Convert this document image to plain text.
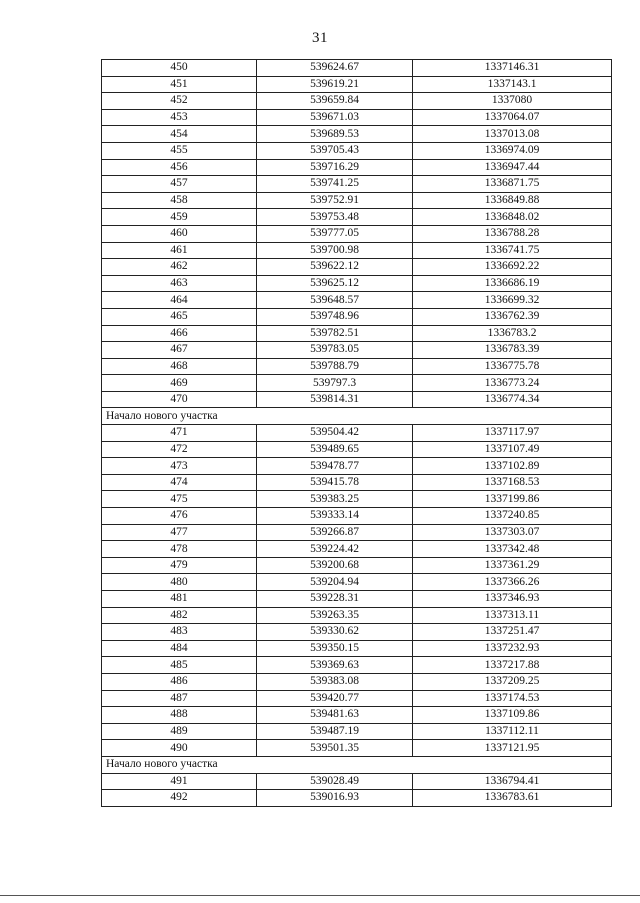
31
450	539624.67	1337146.31
451	539619.21	1337143.1
452	539659.84	1337080
453	539671.03	1337064.07
454	539689.53	1337013.08
455	539705.43	1336974.09
456	539716.29	1336947.44
457	539741.25	1336871.75
458	539752.91	1336849.88
459	539753.48	1336848.02
460	539777.05	1336788.28
461	539700.98	1336741.75
462	539622.12	1336692.22
463	539625.12	1336686.19
464	539648.57	1336699.32
465	539748.96	1336762.39
466	539782.51	1336783.2
467	539783.05	1336783.39
468	539788.79	1336775.78
469	539797.3	1336773.24
470	539814.31	1336774.34
Начало нового участка		
471	539504.42	1337117.97
472	539489.65	1337107.49
473	539478.77	1337102.89
474	539415.78	1337168.53
475	539383.25	1337199.86
476	539333.14	1337240.85
477	539266.87	1337303.07
478	539224.42	1337342.48
479	539200.68	1337361.29
480	539204.94	1337366.26
481	539228.31	1337346.93
482	539263.35	1337313.11
483	539330.62	1337251.47
484	539350.15	1337232.93
485	539369.63	1337217.88
486	539383.08	1337209.25
487	539420.77	1337174.53
488	539481.63	1337109.86
489	539487.19	1337112.11
490	539501.35	1337121.95
Начало нового участка		
491	539028.49	1336794.41
492	539016.93	1336783.61
